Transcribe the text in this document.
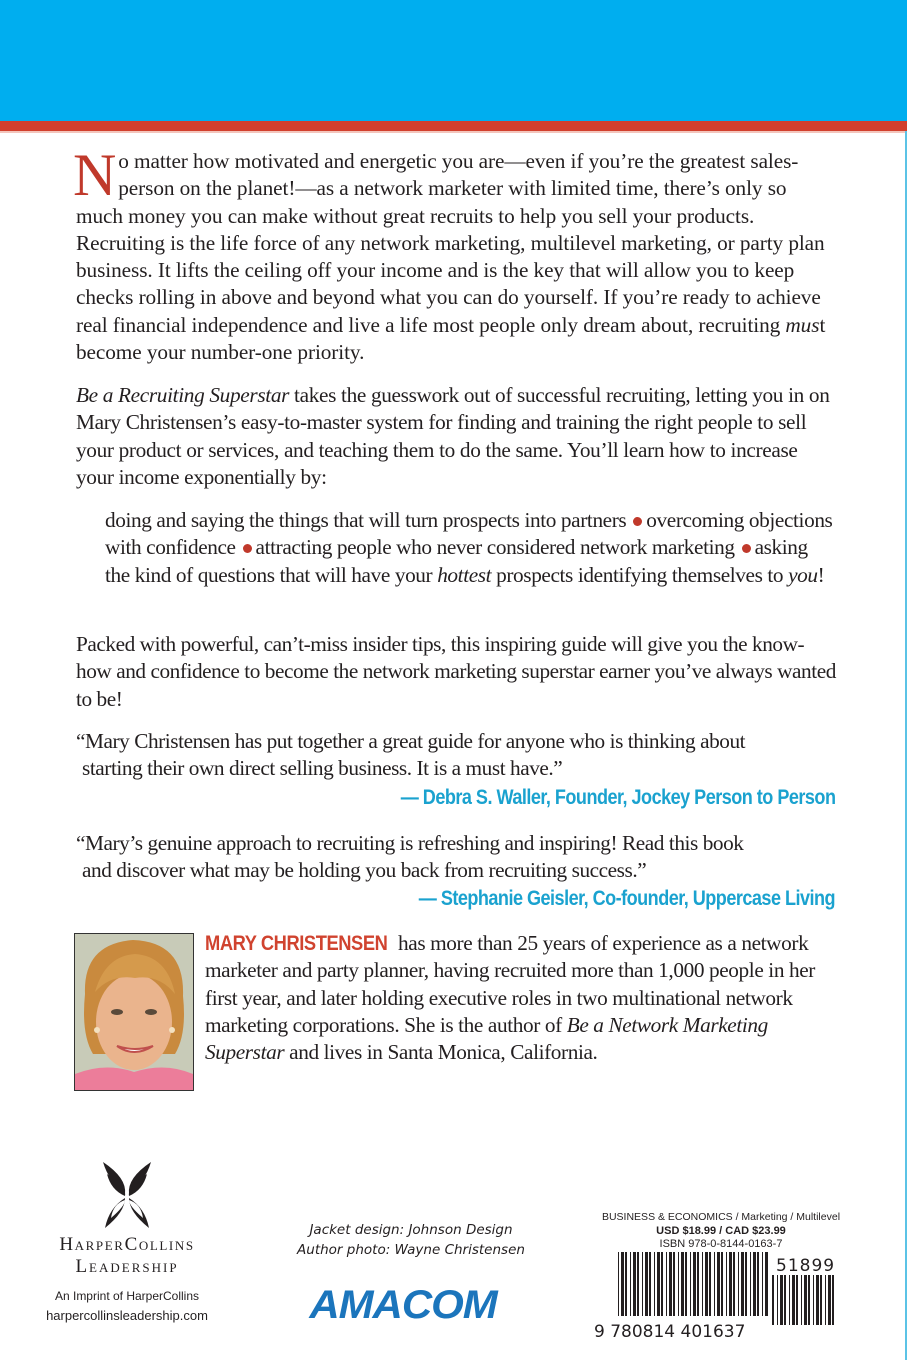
No matter how motivated and energetic you are—even if you’re the greatest sales-person on the planet!—as a network marketer with limited time, there’s only so much money you can make without great recruits to help you sell your products. Recruiting is the life force of any network marketing, multilevel marketing, or party plan business. It lifts the ceiling off your income and is the key that will allow you to keep checks rolling in above and beyond what you can do yourself. If you’re ready to achieve real financial independence and live a life most people only dream about, recruiting must become your number-one priority.
Be a Recruiting Superstar takes the guesswork out of successful recruiting, letting you in on Mary Christensen’s easy-to-master system for finding and training the right people to sell your product or services, and teaching them to do the same. You’ll learn how to increase your income exponentially by:
doing and saying the things that will turn prospects into partners overcoming objections with confidence attracting people who never considered network marketing asking the kind of questions that will have your hottest prospects identifying themselves to you!
Packed with powerful, can’t-miss insider tips, this inspiring guide will give you the know-how and confidence to become the network marketing superstar earner you’ve always wanted to be!
“Mary Christensen has put together a great guide for anyone who is thinking about
starting their own direct selling business. It is a must have.”
— Debra S. Waller, Founder, Jockey Person to Person
“Mary’s genuine approach to recruiting is refreshing and inspiring! Read this book
and discover what may be holding you back from recruiting success.”
— Stephanie Geisler, Co-founder, Uppercase Living
MARY CHRISTENSEN has more than 25 years of experience as a network marketer and party planner, having recruited more than 1,000 people in her first year, and later holding executive roles in two multinational network marketing corporations. She is the author of Be a Network Marketing Superstar and lives in Santa Monica, California.
HarperCollins
Leadership
An Imprint of HarperCollins
harpercollinsleadership.com
Jacket design: Johnson Design
Author photo: Wayne Christensen
AMACOM
BUSINESS & ECONOMICS / Marketing / Multilevel
USD $18.99 / CAD $23.99
ISBN 978-0-8144-0163-7
9 780814 401637
51899
